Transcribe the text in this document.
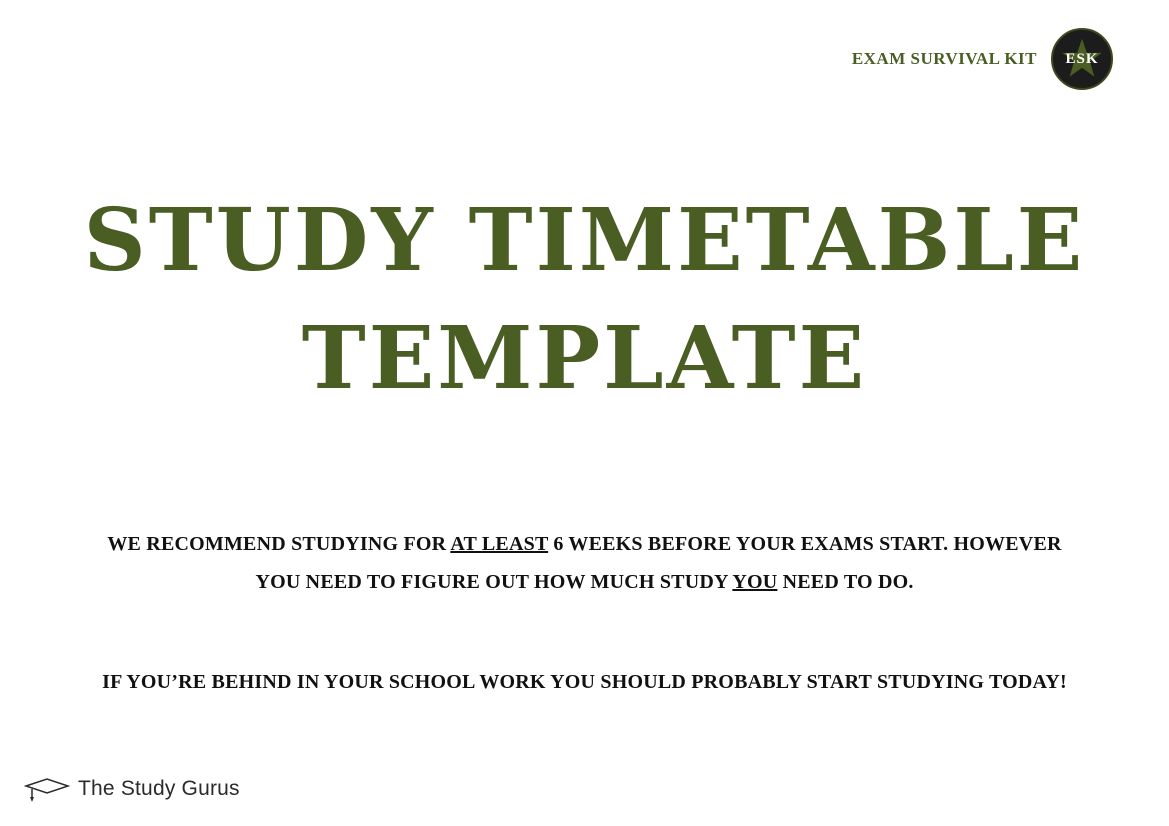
EXAM SURVIVAL KIT ESK
STUDY TIMETABLE
TEMPLATE

WE RECOMMEND STUDYING FOR AT LEAST 6 WEEKS BEFORE YOUR EXAMS START. HOWEVER YOU NEED TO FIGURE OUT HOW MUCH STUDY YOU NEED TO DO.

IF YOU’RE BEHIND IN YOUR SCHOOL WORK YOU SHOULD PROBABLY START STUDYING TODAY!

The Study Gurus
